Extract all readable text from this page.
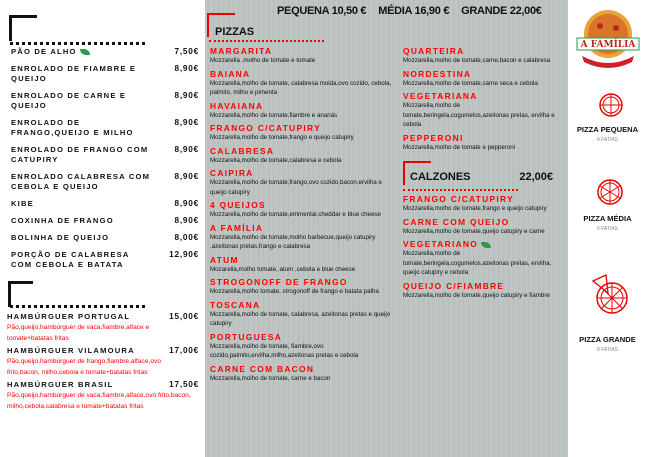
PÃO DE ALHO	7,50€
ENROLADO DE FIAMBRE E QUEIJO
8,90€
ENROLADO DE CARNE E QUEIJO
8,90€
ENROLADO DE FRANGO,QUEIJO E MILHO
8,90€
ENROLADO DE FRANGO COM CATUPIRY
8,90€
ENROLADO CALABRESA COM CEBOLA E QUEIJO
8,90€
KIBE	8,90€
COXINHA DE FRANGO	8,90€
BOLINHA DE QUEIJO	8,00€
PORÇÃO DE CALABRESA COM CEBOLA E BATATA
12,90€
HAMBÚRGUER PORTUGAL	15,00€
Pão,queijo,hambúrguer de vaca,fiambre,alface e tomate+batatas fritas
HAMBÚRGUER VILAMOURA	17,00€
Pão,queijo,hambúrguer de frango,fiambre,alface,ovo frito,bacon, milho,cebola e tomate+batatas fritas
HAMBÚRGUER BRASIL	17,50€
Pão,queijo,hambúrguer de vaca,fiambre,alface,ovo frito,bacon, milho,cebola,calabresa e tomate+batatas fritas
PEQUENA 10,50 € MÉDIA 16,90 € GRANDE 22,00€
PIZZAS
MARGARITA
Mozzarella ,molho de tomate e tomate
BAIANA
Mozzarella,molho de tomate, calabresa moida,ovo cozido, cebola, palmito, milho e pimenta
HAVAIANA
Mozzarella,molho de tomate,fiambre e ananás
FRANGO C/CATUPIRY
Mozzarella,molho de tomate,frango e queijo catupiry
CALABRESA
Mozzarella,molho de tomate,calabresa e cebola
CAIPIRA
Mozzarella,molho de tomate,frango,ovo cozido,bacon,ervilha e queijo catupiry
4 QUEIJOS
Mozzarella,molho de tomate,emmental,cheddar e blue cheese
A FAMÍLIA
Mozzarella,molho de tomate,molho barbecue,queijo catupiry ,azeitonas pretas,frango e calabresa
ATUM
Mozarella,molho tomate, atum ,cebola e blue cheese
STROGONOFF DE FRANGO
Mozzarella,molho tomate, strogonoff de frango e batata palha
TOSCANA
Mozzarella,molho de tomate, calabresa, azeitonas pretas e queijo catupiry
PORTUGUESA
Mozzarella,molho de tomate, fiambre,ovo cozido,palmito,ervilha,milho,azeitonas pretas e cebola
CARNE COM BACON
Mozzarella,molho de tomate, carne e bacon
QUARTEIRA
Mozzarella,molho de tomate,carne,bacon e calabresa
NORDESTINA
Mozzarella,molho de tomate,carne seca e cebola
VEGETARIANA
Mozzarella,molho de tomate,beringela,cogumelos,azeitonas pretas, ervilha e cebola
PEPPERONI
Mozzarella,molho de tomate e pepperoni
CALZONES	22,00€
FRANGO C/CATUPIRY
Mozzarella,molho de tomate,frango e queijo catupiry
CARNE COM QUEIJO
Mozzarella,molho de tomate,queijo catupiry e carne
VEGETARIANO
Mozzarella,molho de tomate,beringela,cogumelos,azeitonas pretas, ervilha, queijo catupiry e cebola
QUEIJO C/FIAMBRE
Mozzarella,molho de tomate,queijo catupiry e fiambre
A FAMÍLIA
PIZZA PEQUENA
4 FATIAS
PIZZA MÉDIA
6 FATIAS
PIZZA GRANDE
8 FATIAS
